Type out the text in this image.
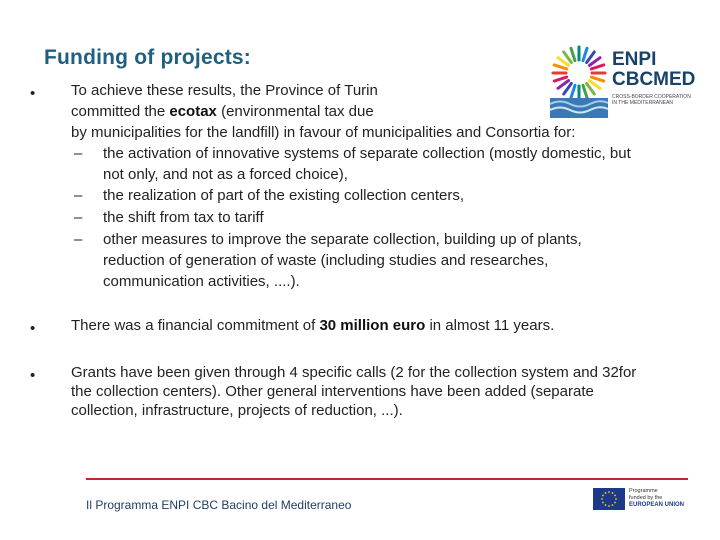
Funding of projects:	ENPI
CBCMED
CROSS-BORDER COOPERATION IN THE MEDITERRANEAN
• To achieve these results, the Province of Turin
committed the ecotax (environmental tax due
by municipalities for the landfill) in favour of municipalities and Consortia for:
– the activation of innovative systems of separate collection (mostly domestic, but
not only, and not as a forced choice),
– the realization of part of the existing collection centers,
– the shift from tax to tariff
– other measures to improve the separate collection, building up of plants,
reduction of generation of waste (including studies and researches,
communication activities, ....).
• There was a financial commitment of 30 million euro in almost 11 years.
• Grants have been given through 4 specific calls (2 for the collection system and 32for
the collection centers). Other general interventions have been added (separate
collection, infrastructure, projects of reduction, ...).
Il Programma ENPI CBC Bacino del Mediterraneo
Programme
funded by the
EUROPEAN UNION
